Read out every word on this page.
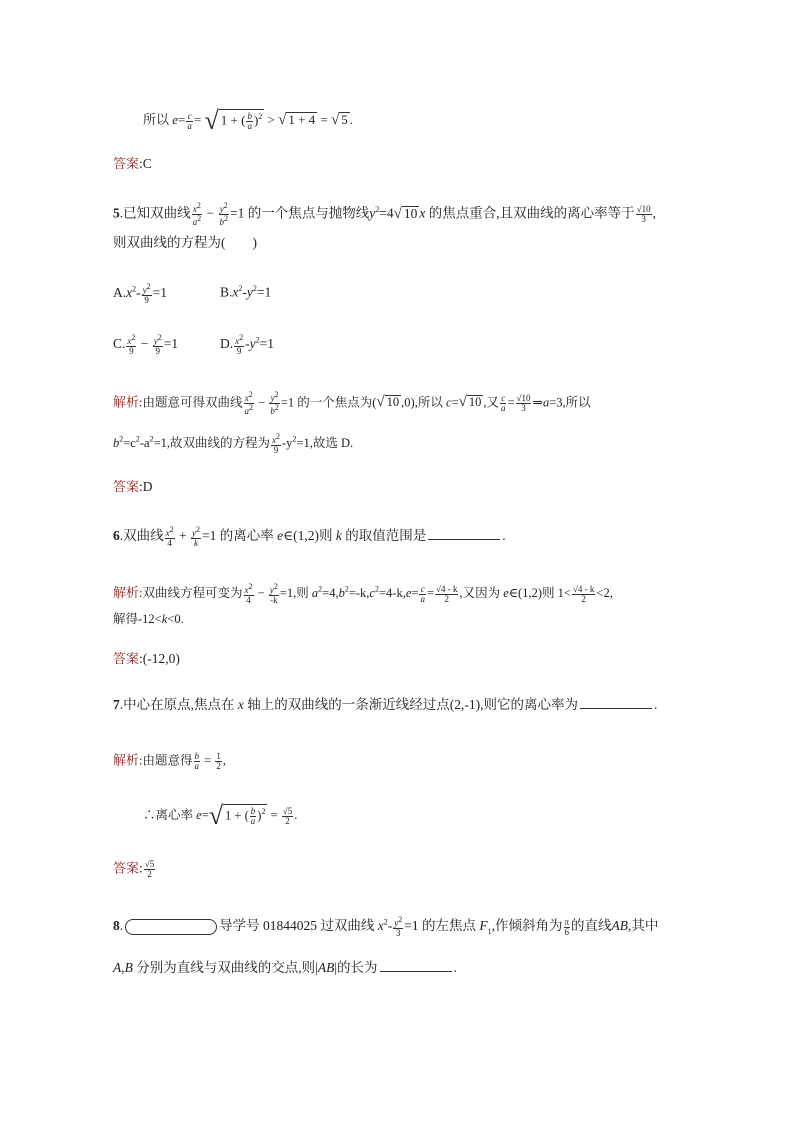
所以 $e= \frac{c}{a}$ = √ 1 + ( $\frac{b}{a} )^2$ > √ 1 + 4 = √ 5 .
答案:C
5.已知双曲线 $\frac{x^2}{a^2} - \frac{y^2}{b^2} =1$ 的一个焦点与抛物线$y^2=4√$ 10 x 的焦点重合,且双曲线的离心率等于 $\frac{√10}{3}$ ,
则双曲线的方程为(　　)
$A.x^2- \frac{y^2}{9} =1$	$B.x^2-y^2=1$
C. $\frac{x^2}{9} - \frac{y^2}{9} =1$	D. $\frac{x^2}{9} -y^2=1$
解析:由题意可得双曲线 $\frac{x^2}{a^2} - \frac{y^2}{b^2} =1$ 的一个焦点为(√ 10 ,0),所以 c=√ 10 ,又 $\frac{c}{a} = \frac{√10}{3}$ ⇒a=3,所以
$b^2=c^2-a^2=1$,故双曲线的方程为 $\frac{x^2}{9} -y^2=1$,故选 D.
答案:D
6.双曲线 $\frac{x^2}{4} + \frac{y^2}{k} =1$ 的离心率 e∈(1,2)则 k 的取值范围是	.
解析:双曲线方程可变为 $\frac{x^2}{4} - \frac{y^2}{-k} =1$,则 $a^2=4,b^2=-k,c^2=4-k,e= \frac{c}{a} = \frac{√4 - k}{2}$ ,又因为 e∈(1,2)则 $1< \frac{√4 - k}{2} <2$,
解得-12<k<0.
答案:(-12,0)
7.中心在原点,焦点在 x 轴上的双曲线的一条渐近线经过点(2,-1),则它的离心率为	.
解析:由题意得 $\frac{b}{a} = \frac{1}{2}$ ,
∴离心率 e=√ 1 + ( $\frac{b}{a} )^2 = \frac{√5}{2}$ .
答案: $\frac{√5}{2}$
8.	导学号 01844025 过双曲线 $x^2- \frac{y^2}{3} =1$ 的左焦点 $F_1$,作倾斜角为 $\frac{\pi}{6}$ 的直线AB,其中
A,B 分别为直线与双曲线的交点,则|AB|的长为	.
